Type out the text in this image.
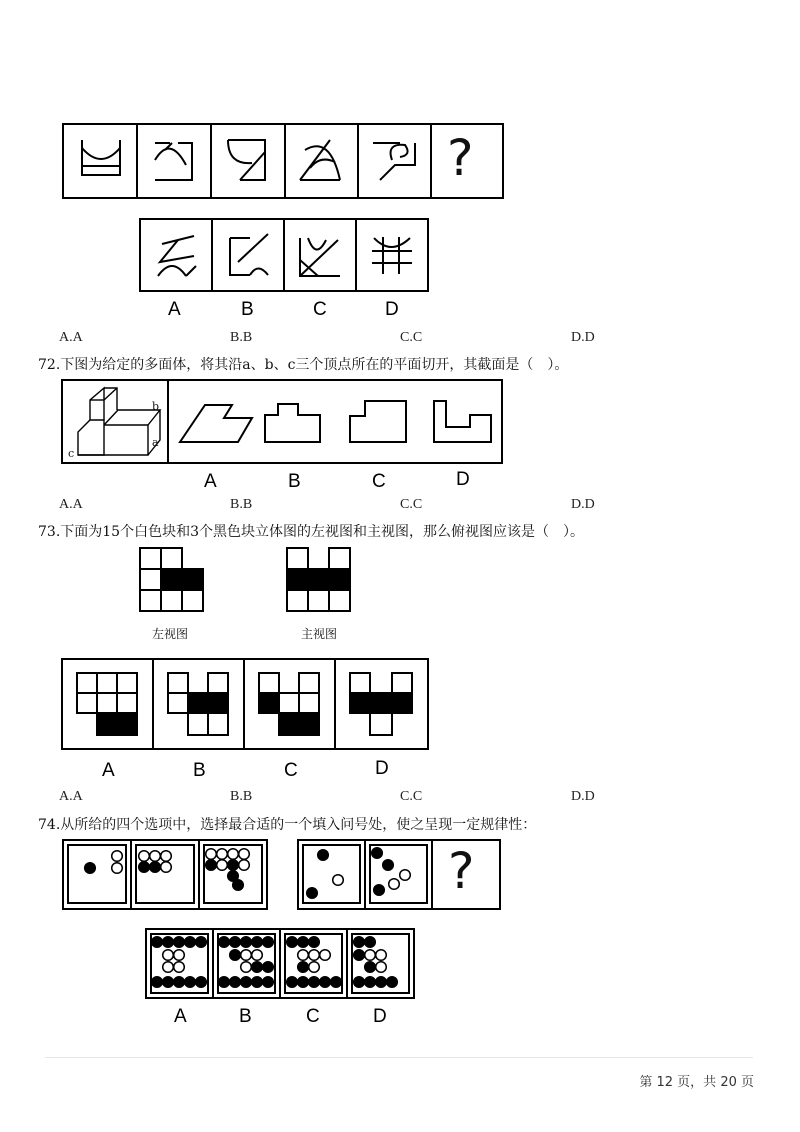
?
A	B	C	D
A.A	B.B	C.C	D.D
72.下图为给定的多面体，将其沿a、b、c三个顶点所在的平面切开，其截面是（　）。
b
a
c
A	B	C	D
A.A	B.B	C.C	D.D
73.下面为15个白色块和3个黑色块立体图的左视图和主视图，那么俯视图应该是（　）。
左视图	主视图
A	B	C	D
A.A	B.B	C.C	D.D
74.从所给的四个选项中，选择最合适的一个填入问号处，使之呈现一定规律性：
?
A	B	C	D
第 12 页，共 20 页
